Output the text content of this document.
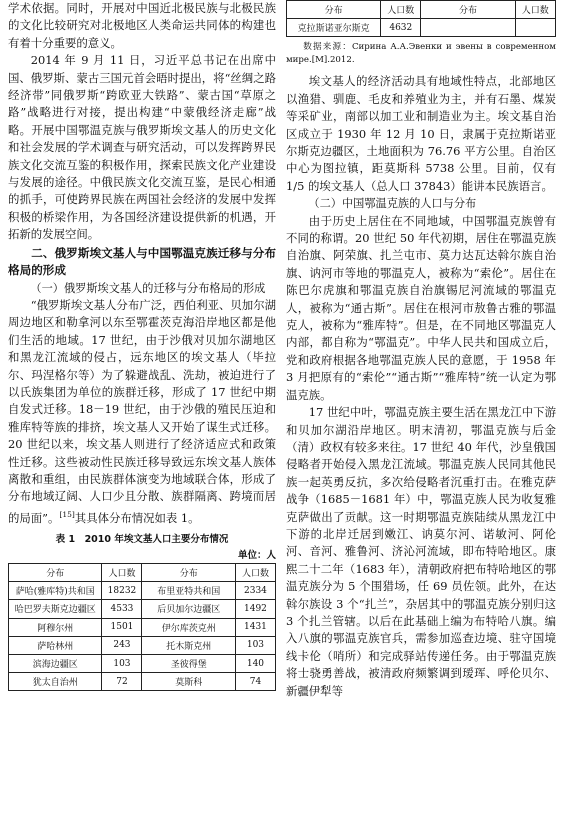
学术依据。同时，开展对中国近北极民族与北极民族的文化比较研究对北极地区人类命运共同体的构建也有着十分重要的意义。

2014 年 9 月 11 日，习近平总书记在出席中国、俄罗斯、蒙古三国元首会晤时提出，将“丝绸之路经济带”同俄罗斯“跨欧亚大铁路”、蒙古国“草原之路”战略进行对接，提出构建“中蒙俄经济走廊”战略。开展中国鄂温克族与俄罗斯埃文基人的历史文化和社会发展的学术调查与研究活动，可以发挥跨界民族文化交流互鉴的积极作用，探索民族文化产业建设与发展的途径。中俄民族文化交流互鉴，是民心相通的抓手，可使跨界民族在两国社会经济的发展中发挥积极的桥梁作用，为各国经济建设提供新的机遇，开拓新的发展空间。

二、俄罗斯埃文基人与中国鄂温克族迁移与分布格局的形成

（一）俄罗斯埃文基人的迁移与分布格局的形成

“俄罗斯埃文基人分布广泛，西伯利亚、贝加尔湖周边地区和勒拿河以东至鄂霍茨克海沿岸地区都是他们生活的地域。17 世纪，由于沙俄对贝加尔湖地区和黑龙江流域的侵占，远东地区的埃文基人（毕拉尔、玛涅格尔等）为了躲避战乱、洗劫，被迫进行了以氏族集团为单位的族群迁移，形成了 17 世纪中期自发式迁移。18－19 世纪，由于沙俄的殖民压迫和雅库特等族的排挤，埃文基人又开始了谋生式迁移。20 世纪以来，埃文基人则进行了经济适应式和政策性迁移。这些被动性民族迁移导致远东埃文基人族体离散和重组，由民族群体演变为地域联合体，形成了分布地域辽阔、人口少且分散、族群隔离、跨境而居的局面”。[15]其具体分布情况如表 1。

表 1　2010 年埃文基人口主要分布情况
单位：人
分布	人口数	分布	人口数
萨哈(雅库特)共和国	18232	布里亚特共和国	2334
哈巴罗夫斯克边疆区	4533	后贝加尔边疆区	1492
阿穆尔州	1501	伊尔库茨克州	1431
萨哈林州	243	托木斯克州	103
滨海边疆区	103	圣彼得堡	140
犹太自治州	72	莫斯科	74
分布	人口数	分布	人口数
克拉斯诺亚尔斯克	4632		

数据来源：Сирина А.А.Эвенки и эвены в современном мире.[М].2012.

埃文基人的经济活动具有地域性特点，北部地区以渔猎、驯鹿、毛皮和养殖业为主，并有石墨、煤炭等采矿业，南部以加工业和制造业为主。埃文基自治区成立于 1930 年 12 月 10 日，隶属于克拉斯诺亚尔斯克边疆区，土地面积为 76.76 平方公里。自治区中心为图拉镇，距莫斯科 5738 公里。目前，仅有 1/5 的埃文基人（总人口 37843）能讲本民族语言。

（二）中国鄂温克族的人口与分布

由于历史上居住在不同地域，中国鄂温克族曾有不同的称谓。20 世纪 50 年代初期，居住在鄂温克族自治旗、阿荣旗、扎兰屯市、莫力达瓦达斡尔族自治旗、讷河市等地的鄂温克人，被称为“索伦”。居住在陈巴尔虎旗和鄂温克族自治旗锡尼河流域的鄂温克人，被称为“通古斯”。居住在根河市敖鲁古雅的鄂温克人，被称为“雅库特”。但是，在不同地区鄂温克人内部，都自称为“鄂温克”。中华人民共和国成立后，党和政府根据各地鄂温克族人民的意愿，于 1958 年 3 月把原有的“索伦”“通古斯”“雅库特”统一认定为鄂温克族。

17 世纪中叶，鄂温克族主要生活在黑龙江中下游和贝加尔湖沿岸地区。明末清初，鄂温克族与后金（清）政权有较多来往。17 世纪 40 年代，沙皇俄国侵略者开始侵入黑龙江流域。鄂温克族人民同其他民族一起英勇反抗，多次给侵略者沉重打击。在雅克萨战争（1685－1681 年）中，鄂温克族人民为收复雅克萨做出了贡献。这一时期鄂温克族陆续从黑龙江中下游的北岸迁居到嫩江、讷莫尔河、诺敏河、阿伦河、音河、雅鲁河、济沁河流域，即布特哈地区。康熙二十二年（1683 年），清朝政府把布特哈地区的鄂温克族分为 5 个围猎场，任 69 员佐领。此外，在达斡尔族设 3 个“扎兰”，杂居其中的鄂温克族分别归这 3 个扎兰管辖。以后在此基础上编为布特哈八旗。编入八旗的鄂温克族官兵，需参加巡查边境、驻守国境线卡伦（哨所）和完成驿站传递任务。由于鄂温克族将士骁勇善战，被清政府频繁调到瑷珲、呼伦贝尔、新疆伊犁等
